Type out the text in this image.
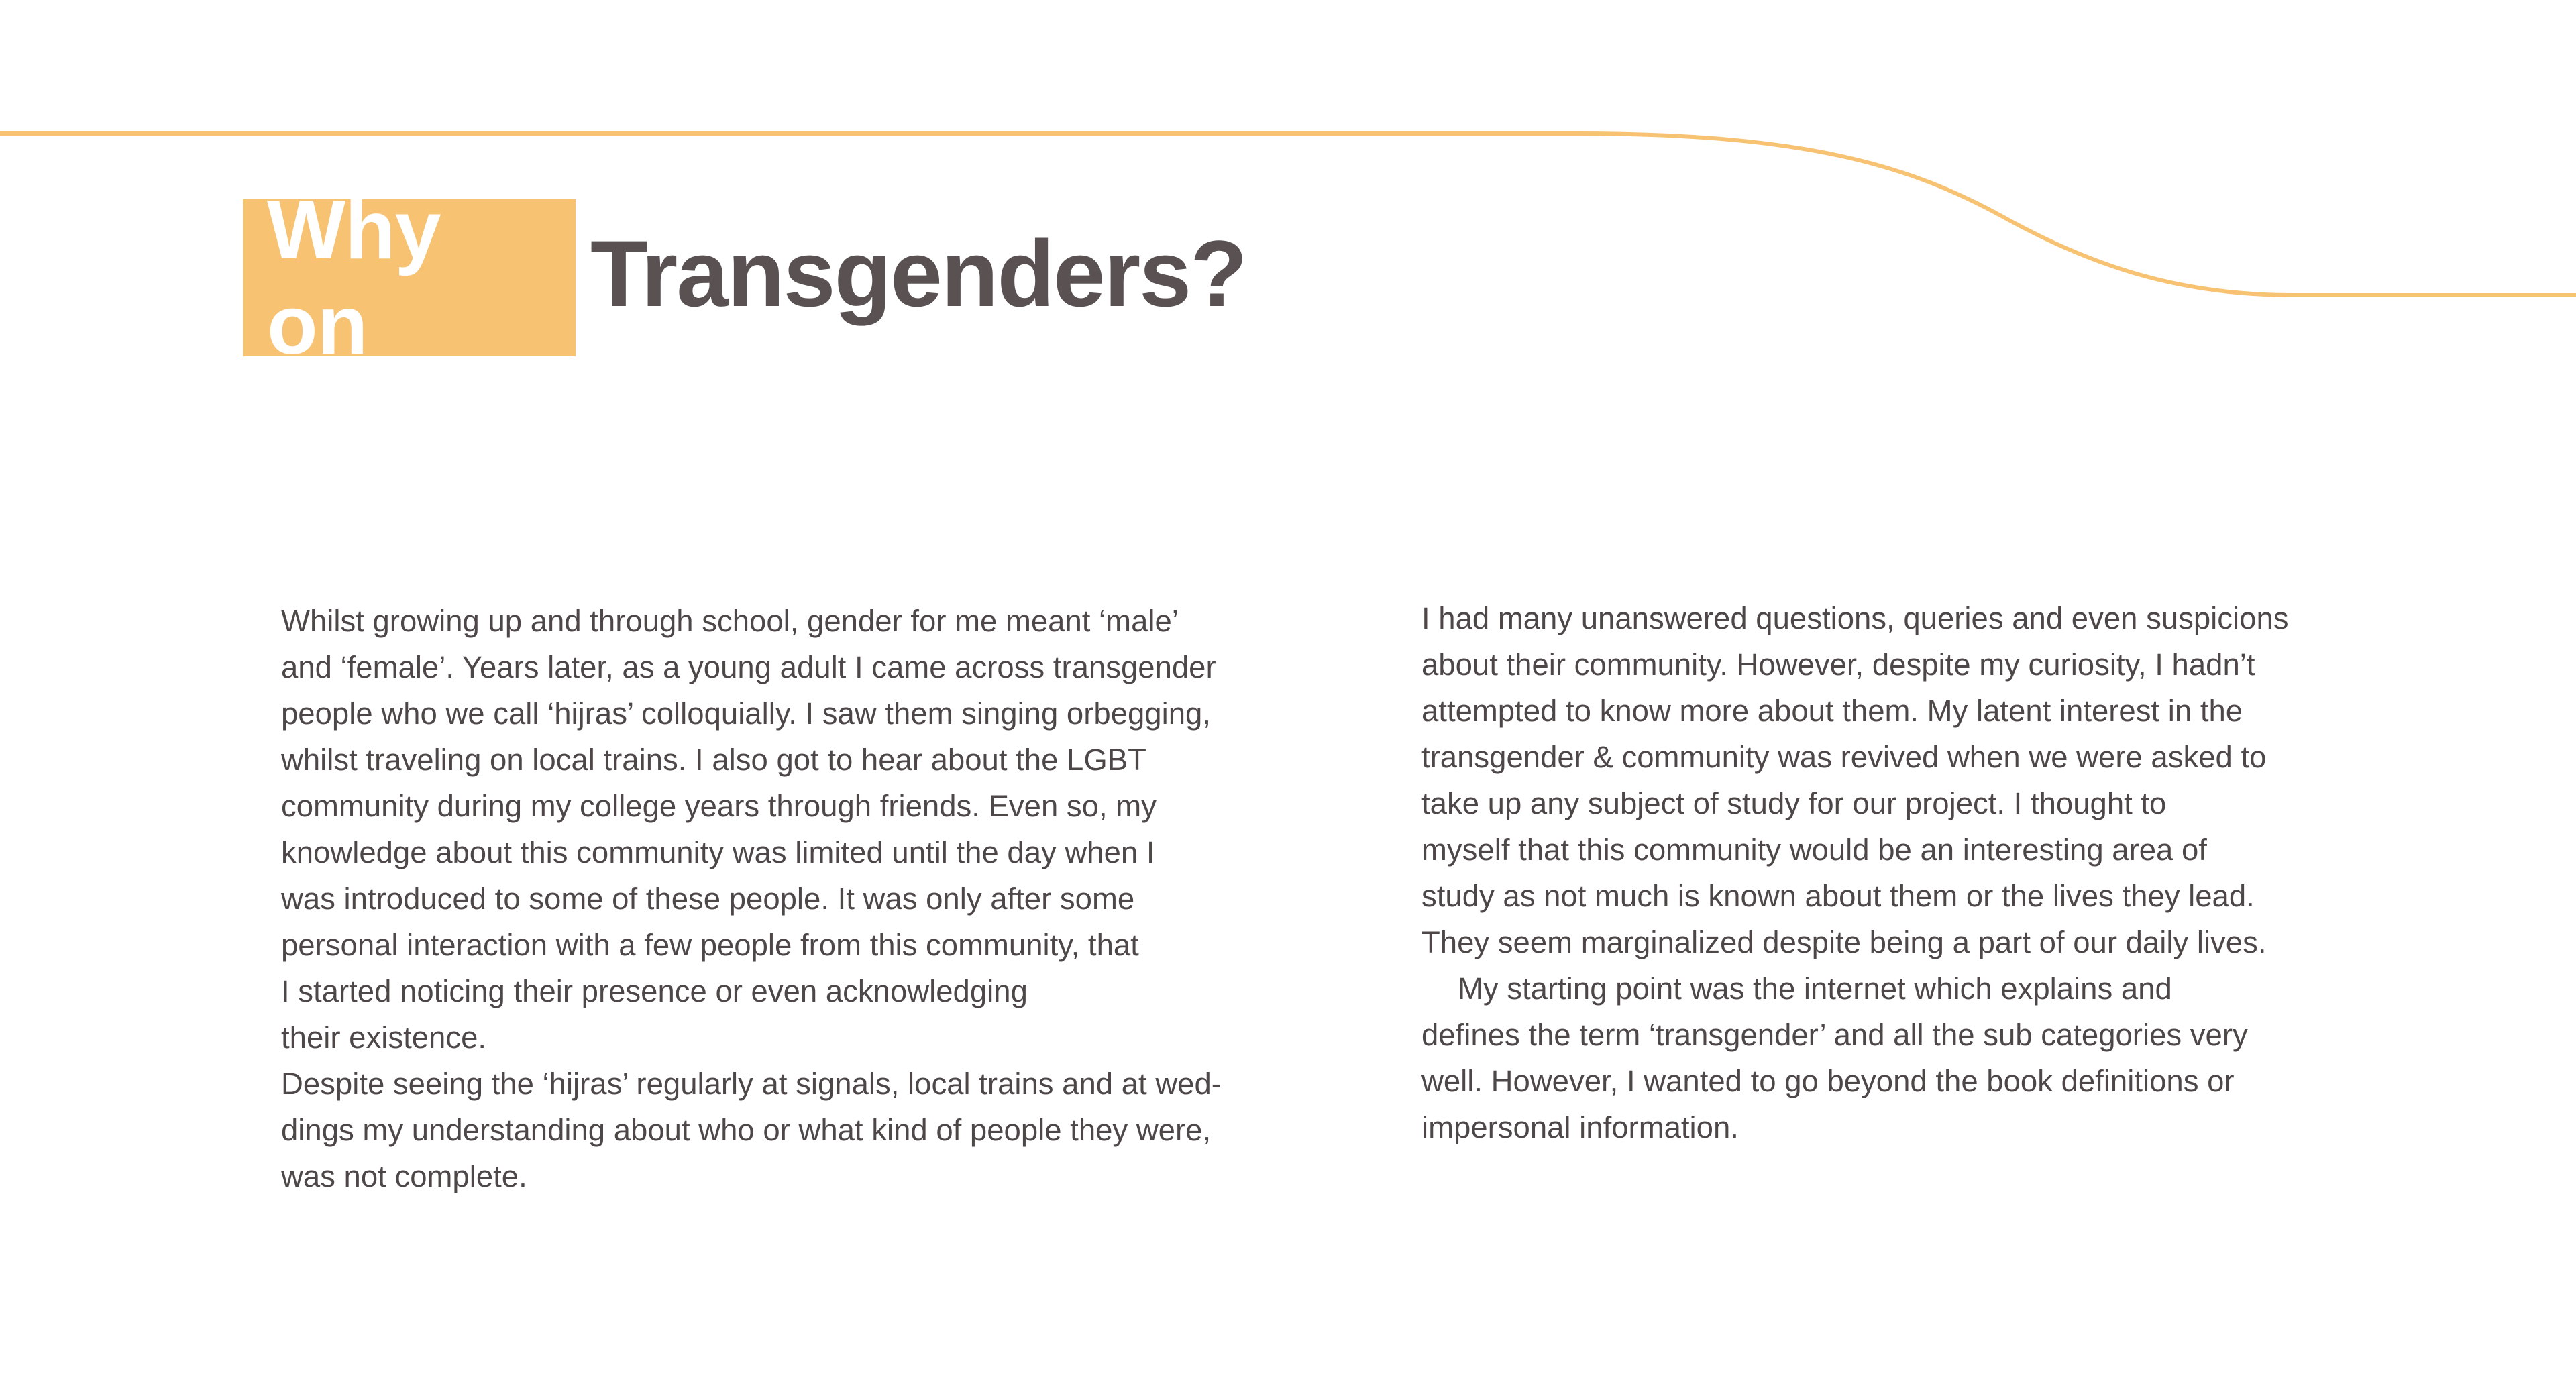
Why on	Transgenders?

Whilst growing up and through school, gender for me meant ‘male’
and ‘female’. Years later, as a young adult I came across transgender
people who we call ‘hijras’ colloquially. I saw them singing orbegging,
whilst traveling on local trains. I also got to hear about the LGBT
community during my college years through friends. Even so, my
knowledge about this community was limited until the day when I
was introduced to some of these people. It was only after some
personal interaction with a few people from this community, that
I started noticing their presence or even acknowledging
their existence.

Despite seeing the ‘hijras’ regularly at signals, local trains and at wed-
dings my understanding about who or what kind of people they were,
was not complete.

I had many unanswered questions, queries and even suspicions
about their community. However, despite my curiosity, I hadn’t
attempted to know more about them. My latent interest in the
transgender & community was revived when we were asked to
take up any subject of study for our project. I thought to
myself that this community would be an interesting area of
study as not much is known about them or the lives they lead.
They seem marginalized despite being a part of our daily lives.

My starting point was the internet which explains and
defines the term ‘transgender’ and all the sub categories very
well. However, I wanted to go beyond the book definitions or
impersonal information.
